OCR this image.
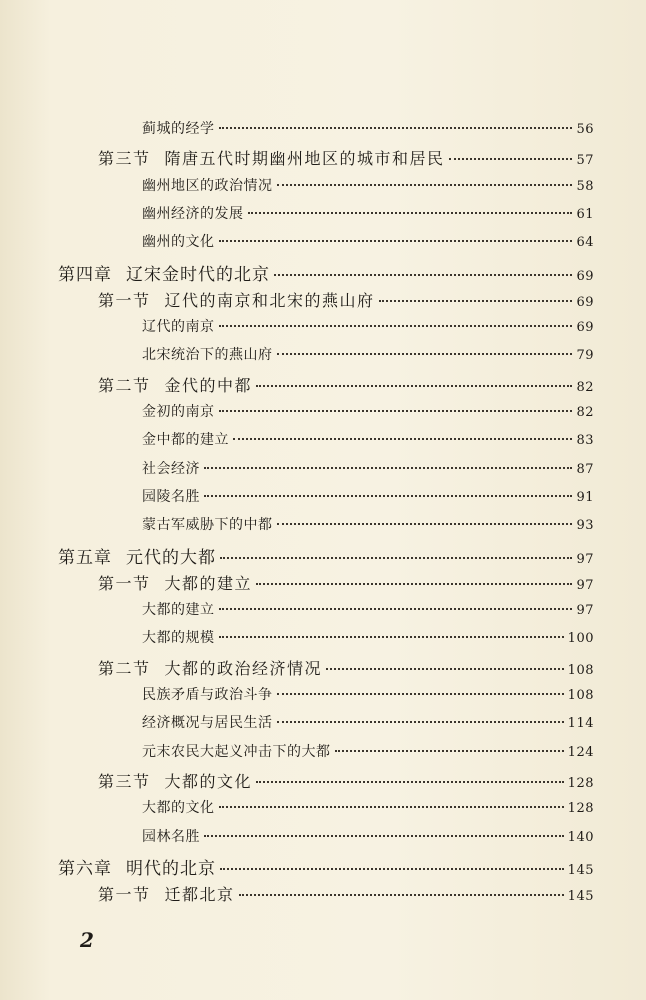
蓟城的经学	56
第三节 隋唐五代时期幽州地区的城市和居民	57
幽州地区的政治情况	58
幽州经济的发展	61
幽州的文化	64
第四章 辽宋金时代的北京	69
第一节 辽代的南京和北宋的燕山府	69
辽代的南京	69
北宋统治下的燕山府	79
第二节 金代的中都	82
金初的南京	82
金中都的建立	83
社会经济	87
园陵名胜	91
蒙古军威胁下的中都	93
第五章 元代的大都	97
第一节 大都的建立	97
大都的建立	97
大都的规模	100
第二节 大都的政治经济情况	108
民族矛盾与政治斗争	108
经济概况与居民生活	114
元末农民大起义冲击下的大都	124
第三节 大都的文化	128
大都的文化	128
园林名胜	140
第六章 明代的北京	145
第一节 迁都北京	145
2
